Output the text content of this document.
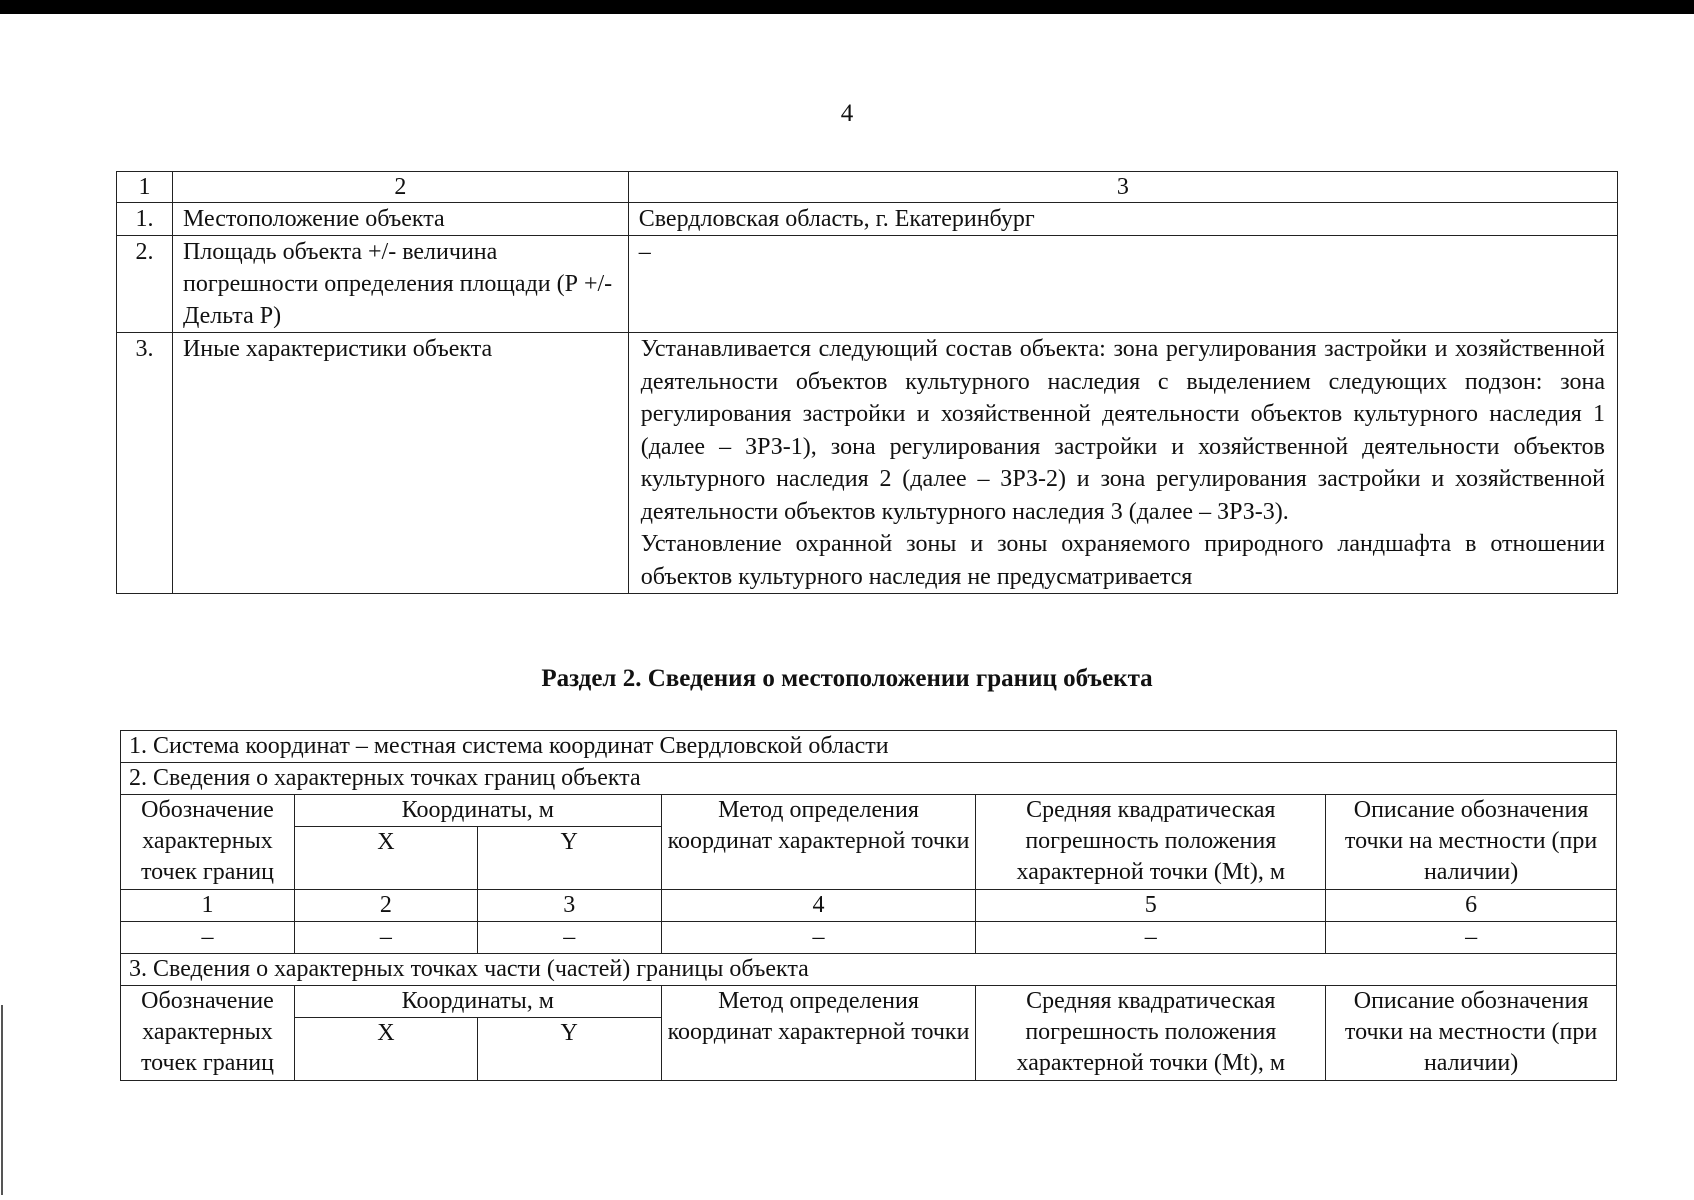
4
1	2	3
1.	Местоположение объекта	Свердловская область, г. Екатеринбург
2.	Площадь объекта +/- величина погрешности определения площади (Р +/- Дельта Р)	–
3.	Иные характеристики объекта	Устанавливается следующий состав объекта: зона регулирования застройки и хозяйственной деятельности объектов культурного наследия с выделением следующих подзон: зона регулирования застройки и хозяйственной деятельности объектов культурного наследия 1 (далее – ЗРЗ-1), зона регулирования застройки и хозяйственной деятельности объектов культурного наследия 2 (далее – ЗРЗ-2) и зона регулирования застройки и хозяйственной деятельности объектов культурного наследия 3 (далее – ЗРЗ-3).
Установление охранной зоны и зоны охраняемого природного ландшафта в отношении объектов культурного наследия не предусматривается
Раздел 2. Сведения о местоположении границ объекта
1. Система координат – местная система координат Свердловской области					
2. Сведения о характерных точках границ объекта					
Обозначение характерных точек границ	Координаты, м		Метод определения координат характерной точки	Средняя квадратическая погрешность положения характерной точки (Mt), м	Описание обозначения точки на местности (при наличии)
	X	Y			
1	2	3	4	5	6
–	–	–	–	–	–
3. Сведения о характерных точках части (частей) границы объекта					
Обозначение характерных точек границ	Координаты, м		Метод определения координат характерной точки	Средняя квадратическая погрешность положения характерной точки (Mt), м	Описание обозначения точки на местности (при наличии)
	X	Y			
